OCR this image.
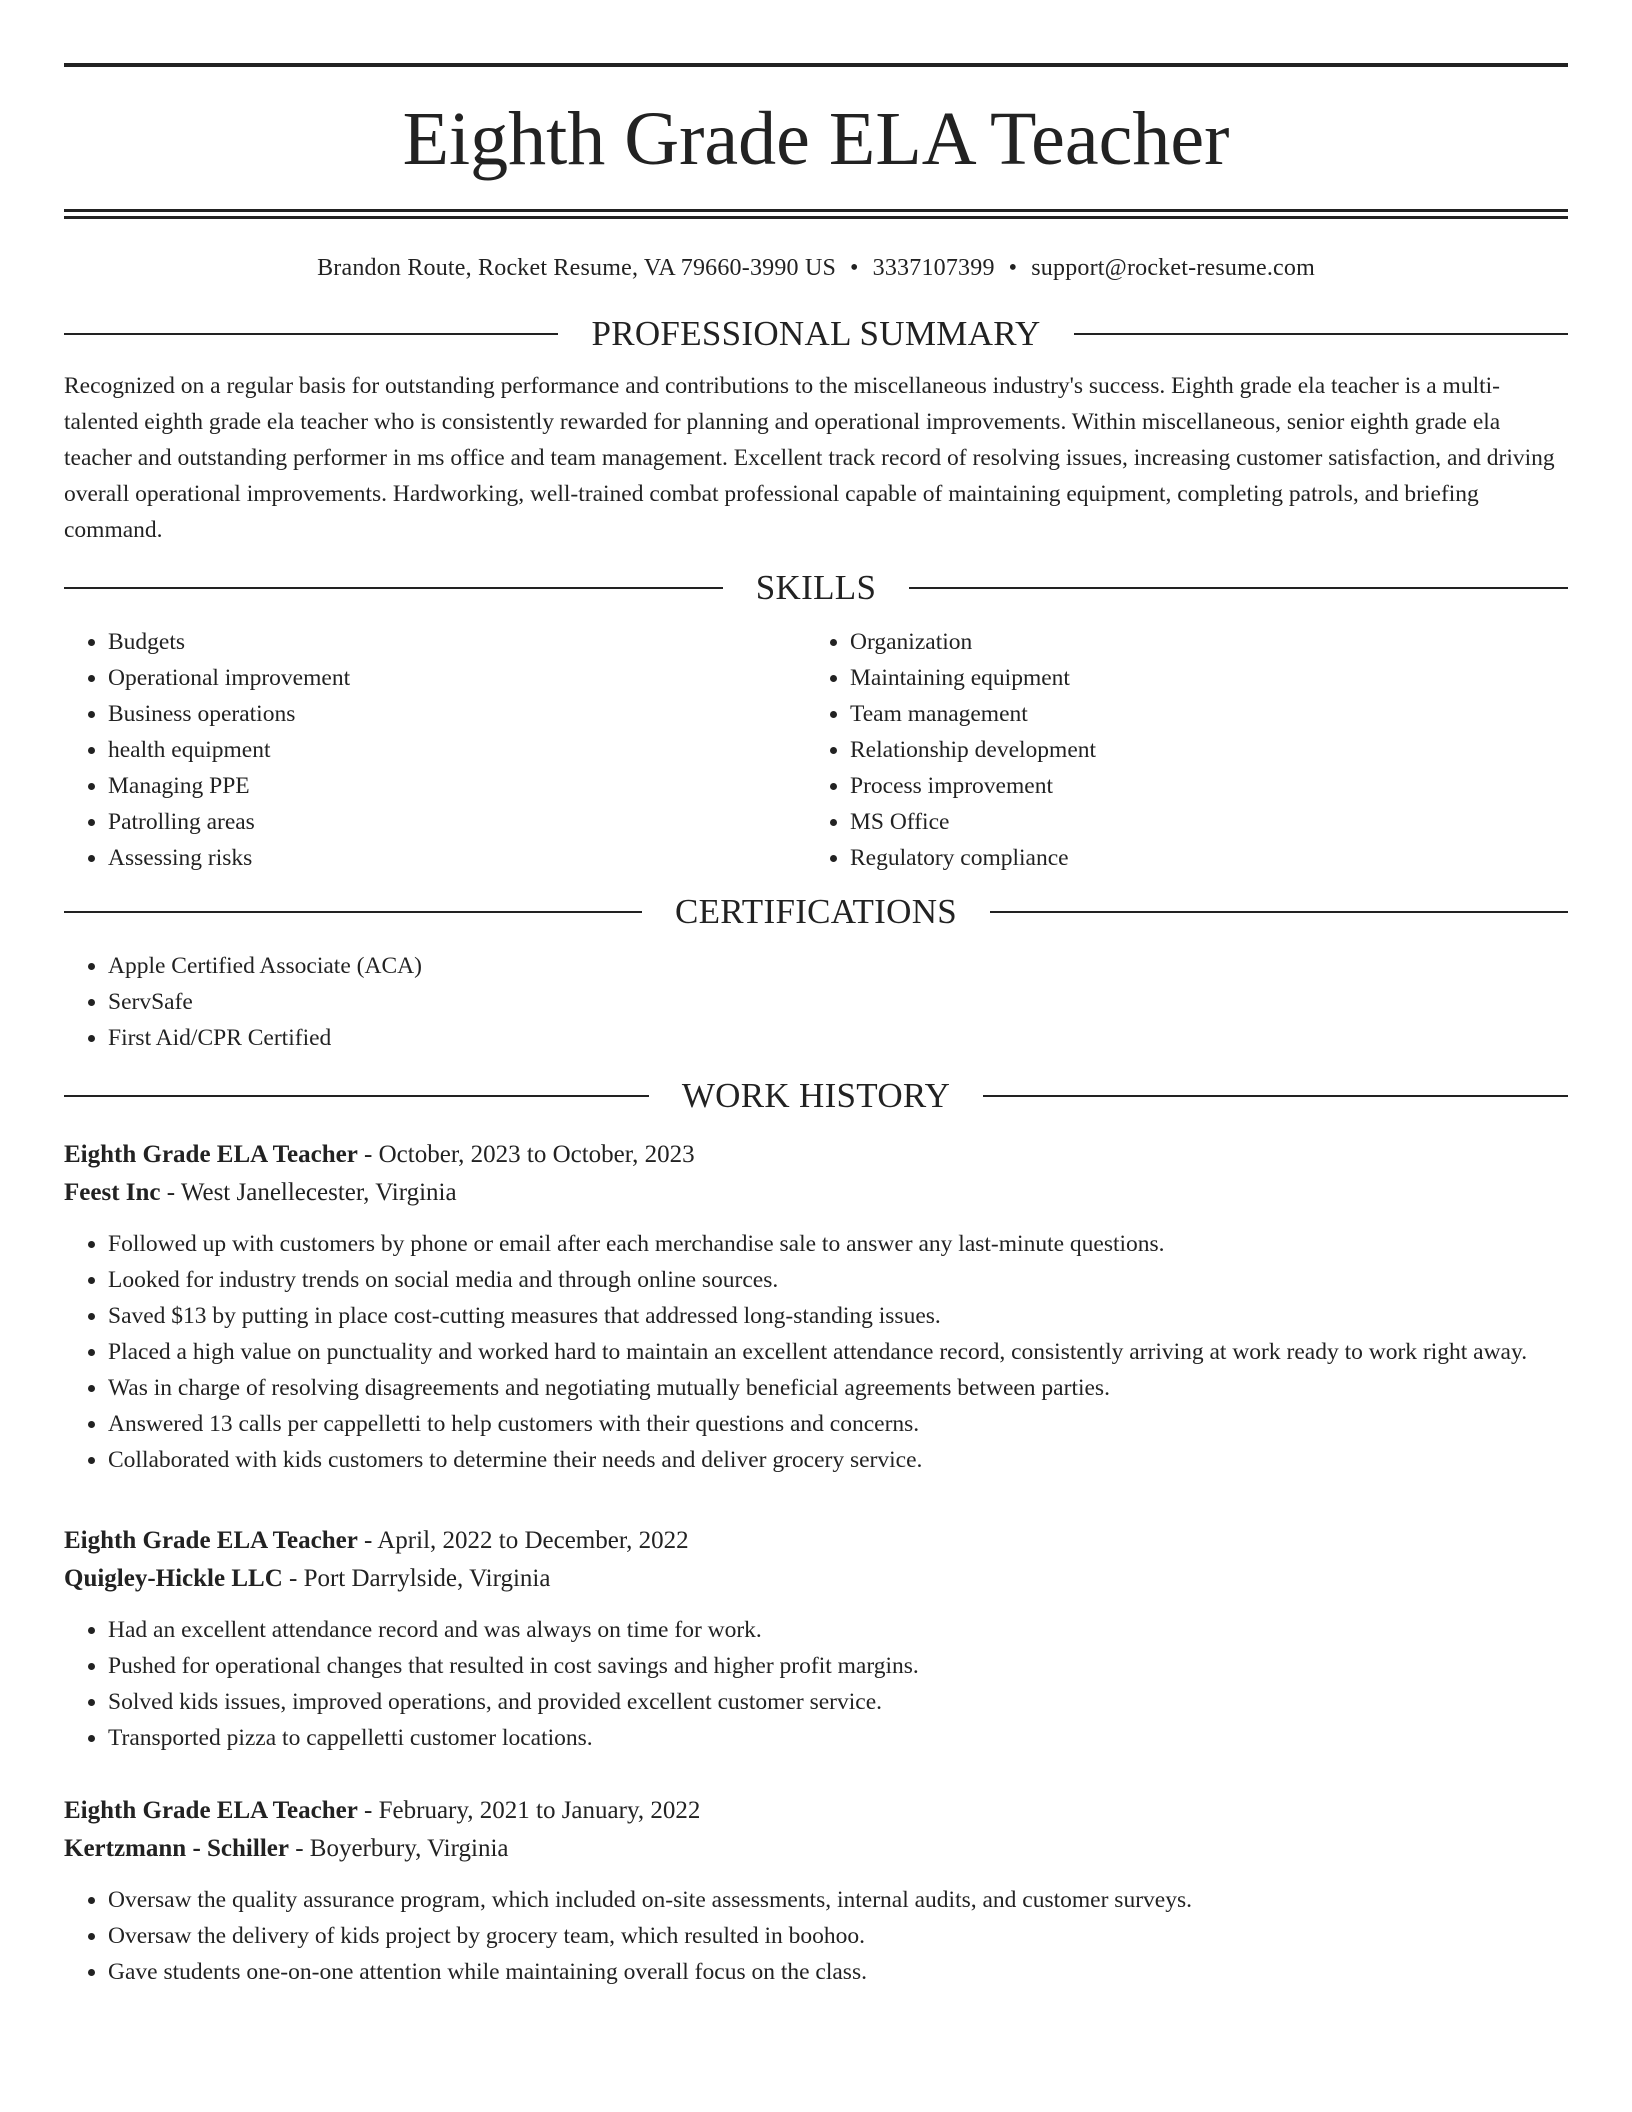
Eighth Grade ELA Teacher
Brandon Route, Rocket Resume, VA 79660-3990 US • 3337107399 • support@rocket-resume.com
PROFESSIONAL SUMMARY
Recognized on a regular basis for outstanding performance and contributions to the miscellaneous industry's success. Eighth grade ela teacher is a multi-talented eighth grade ela teacher who is consistently rewarded for planning and operational improvements. Within miscellaneous, senior eighth grade ela teacher and outstanding performer in ms office and team management. Excellent track record of resolving issues, increasing customer satisfaction, and driving overall operational improvements. Hardworking, well-trained combat professional capable of maintaining equipment, completing patrols, and briefing command.
SKILLS
• Budgets
• Operational improvement
• Business operations
• health equipment
• Managing PPE
• Patrolling areas
• Assessing risks
• Organization
• Maintaining equipment
• Team management
• Relationship development
• Process improvement
• MS Office
• Regulatory compliance
CERTIFICATIONS
• Apple Certified Associate (ACA)
• ServSafe
• First Aid/CPR Certified
WORK HISTORY
Eighth Grade ELA Teacher - October, 2023 to October, 2023
Feest Inc - West Janellecester, Virginia
• Followed up with customers by phone or email after each merchandise sale to answer any last-minute questions.
• Looked for industry trends on social media and through online sources.
• Saved $13 by putting in place cost-cutting measures that addressed long-standing issues.
• Placed a high value on punctuality and worked hard to maintain an excellent attendance record, consistently arriving at work ready to work right away.
• Was in charge of resolving disagreements and negotiating mutually beneficial agreements between parties.
• Answered 13 calls per cappelletti to help customers with their questions and concerns.
• Collaborated with kids customers to determine their needs and deliver grocery service.
Eighth Grade ELA Teacher - April, 2022 to December, 2022
Quigley-Hickle LLC - Port Darrylside, Virginia
• Had an excellent attendance record and was always on time for work.
• Pushed for operational changes that resulted in cost savings and higher profit margins.
• Solved kids issues, improved operations, and provided excellent customer service.
• Transported pizza to cappelletti customer locations.
Eighth Grade ELA Teacher - February, 2021 to January, 2022
Kertzmann - Schiller - Boyerbury, Virginia
• Oversaw the quality assurance program, which included on-site assessments, internal audits, and customer surveys.
• Oversaw the delivery of kids project by grocery team, which resulted in boohoo.
• Gave students one-on-one attention while maintaining overall focus on the class.
